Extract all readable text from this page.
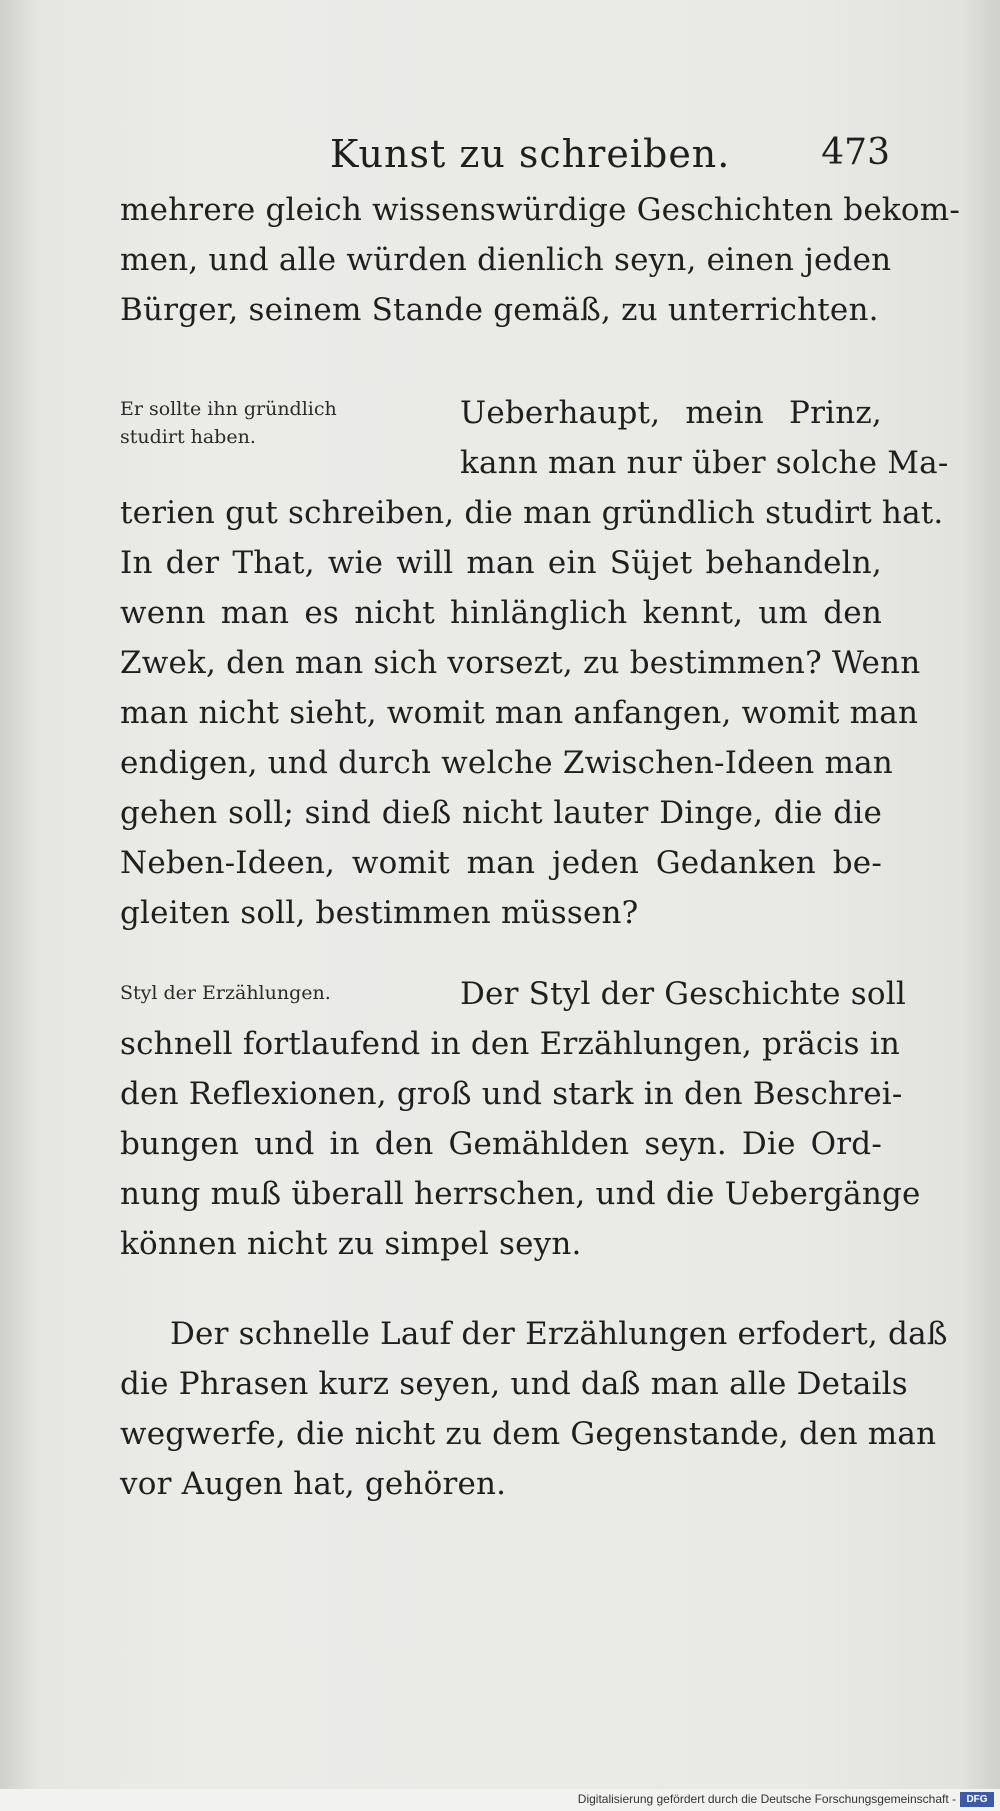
Kunst zu schreiben.	473
mehrere gleich wissenswürdige Geschichten bekom-
men, und alle würden dienlich seyn, einen jeden
Bürger, seinem Stande gemäß, zu unterrichten.
Er sollte ihn gründlich
studirt haben.
Ueberhaupt, mein Prinz,
kann man nur über solche Ma-
terien gut schreiben, die man gründlich studirt hat.
In der That, wie will man ein Süjet behandeln,
wenn man es nicht hinlänglich kennt, um den
Zwek, den man sich vorsezt, zu bestimmen? Wenn
man nicht sieht, womit man anfangen, womit man
endigen, und durch welche Zwischen-Ideen man
gehen soll; sind dieß nicht lauter Dinge, die die
Neben-Ideen, womit man jeden Gedanken be-
gleiten soll, bestimmen müssen?
Styl der Erzählungen.	Der Styl der Geschichte soll
schnell fortlaufend in den Erzählungen, präcis in
den Reflexionen, groß und stark in den Beschrei-
bungen und in den Gemählden seyn. Die Ord-
nung muß überall herrschen, und die Uebergänge
können nicht zu simpel seyn.
Der schnelle Lauf der Erzählungen erfodert, daß
die Phrasen kurz seyen, und daß man alle Details
wegwerfe, die nicht zu dem Gegenstande, den man
vor Augen hat, gehören.
Digitalisierung gefördert durch die Deutsche Forschungsgemeinschaft -	DFG
